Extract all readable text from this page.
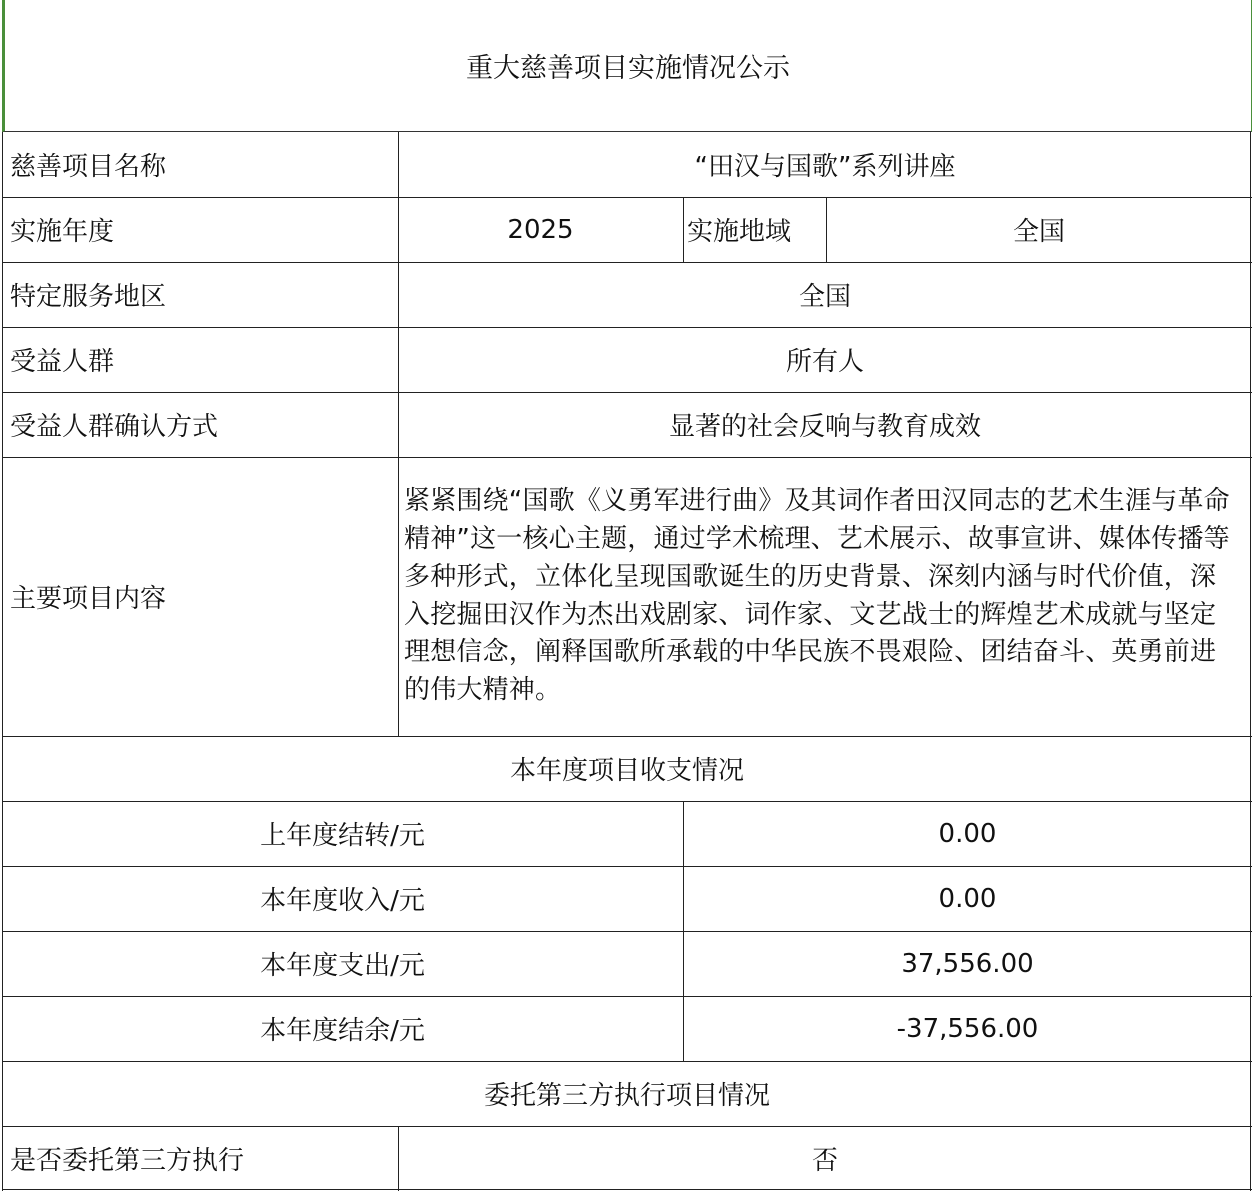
重大慈善项目实施情况公示
慈善项目名称	“田汉与国歌”系列讲座
实施年度	2025	实施地域	全国
特定服务地区	全国
受益人群	所有人
受益人群确认方式	显著的社会反响与教育成效
主要项目内容
紧紧围绕“国歌《义勇军进行曲》及其词作者田汉同志的艺术生涯与革命精神”这一核心主题，通过学术梳理、艺术展示、故事宣讲、媒体传播等多种形式，立体化呈现国歌诞生的历史背景、深刻内涵与时代价值，深入挖掘田汉作为杰出戏剧家、词作家、文艺战士的辉煌艺术成就与坚定理想信念，阐释国歌所承载的中华民族不畏艰险、团结奋斗、英勇前进的伟大精神。
本年度项目收支情况
上年度结转/元	0.00
本年度收入/元	0.00
本年度支出/元	37,556.00
本年度结余/元	-37,556.00
委托第三方执行项目情况
是否委托第三方执行	否
